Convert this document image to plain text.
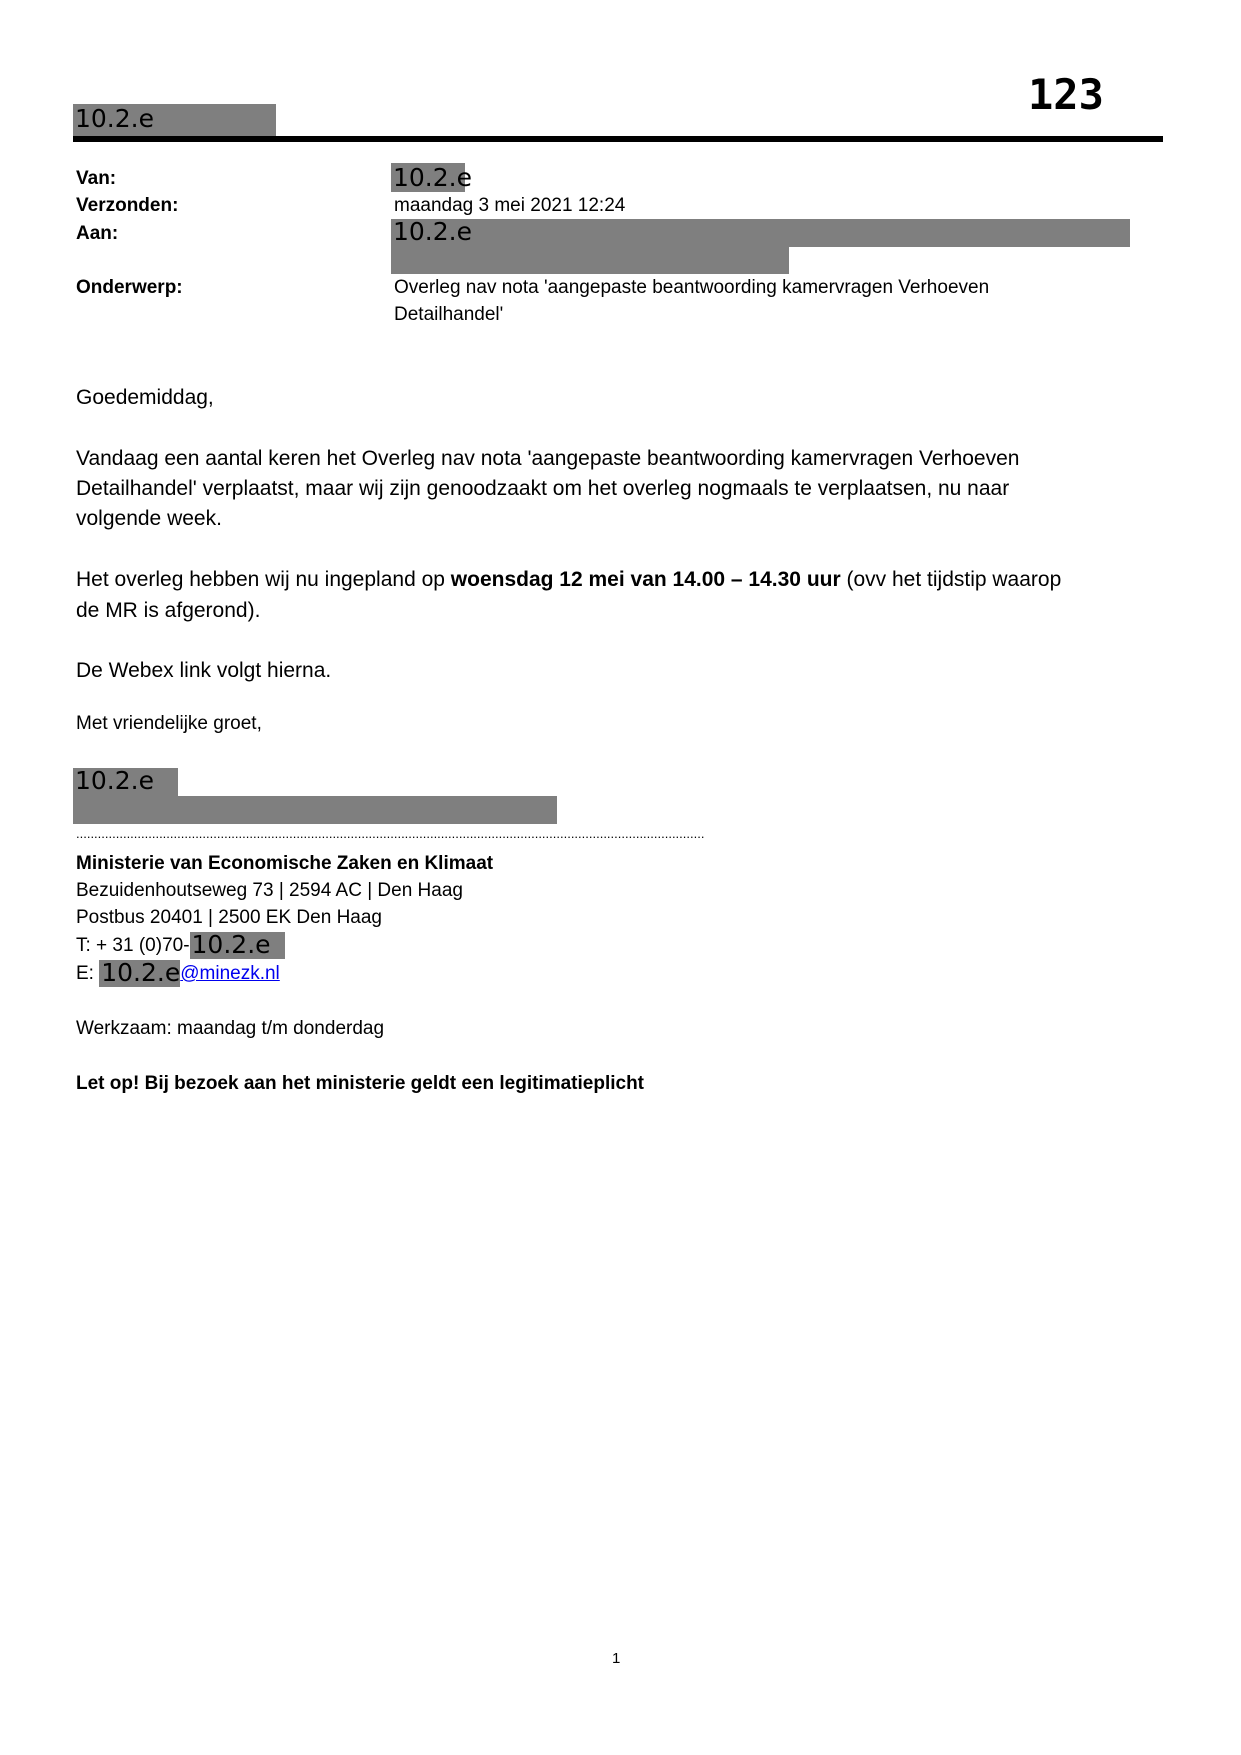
10.2.e	123
Van:	10.2.e
Verzonden:	maandag 3 mei 2021 12:24
Aan:	10.2.e
Onderwerp:	Overleg nav nota 'aangepaste beantwoording kamervragen Verhoeven
Detailhandel'
Goedemiddag,
Vandaag een aantal keren het Overleg nav nota 'aangepaste beantwoording kamervragen Verhoeven
Detailhandel' verplaatst, maar wij zijn genoodzaakt om het overleg nogmaals te verplaatsen, nu naar
volgende week.
Het overleg hebben wij nu ingepland op woensdag 12 mei van 14.00 – 14.30 uur (ovv het tijdstip waarop
de MR is afgerond).
De Webex link volgt hierna.
Met vriendelijke groet,
10.2.e
..............................................................................................................................................................................
Ministerie van Economische Zaken en Klimaat
Bezuidenhoutseweg 73 | 2594 AC | Den Haag
Postbus 20401 | 2500 EK Den Haag
T: + 31 (0)70-10.2.e
E: 10.2.e@minezk.nl
Werkzaam: maandag t/m donderdag
Let op! Bij bezoek aan het ministerie geldt een legitimatieplicht
1
